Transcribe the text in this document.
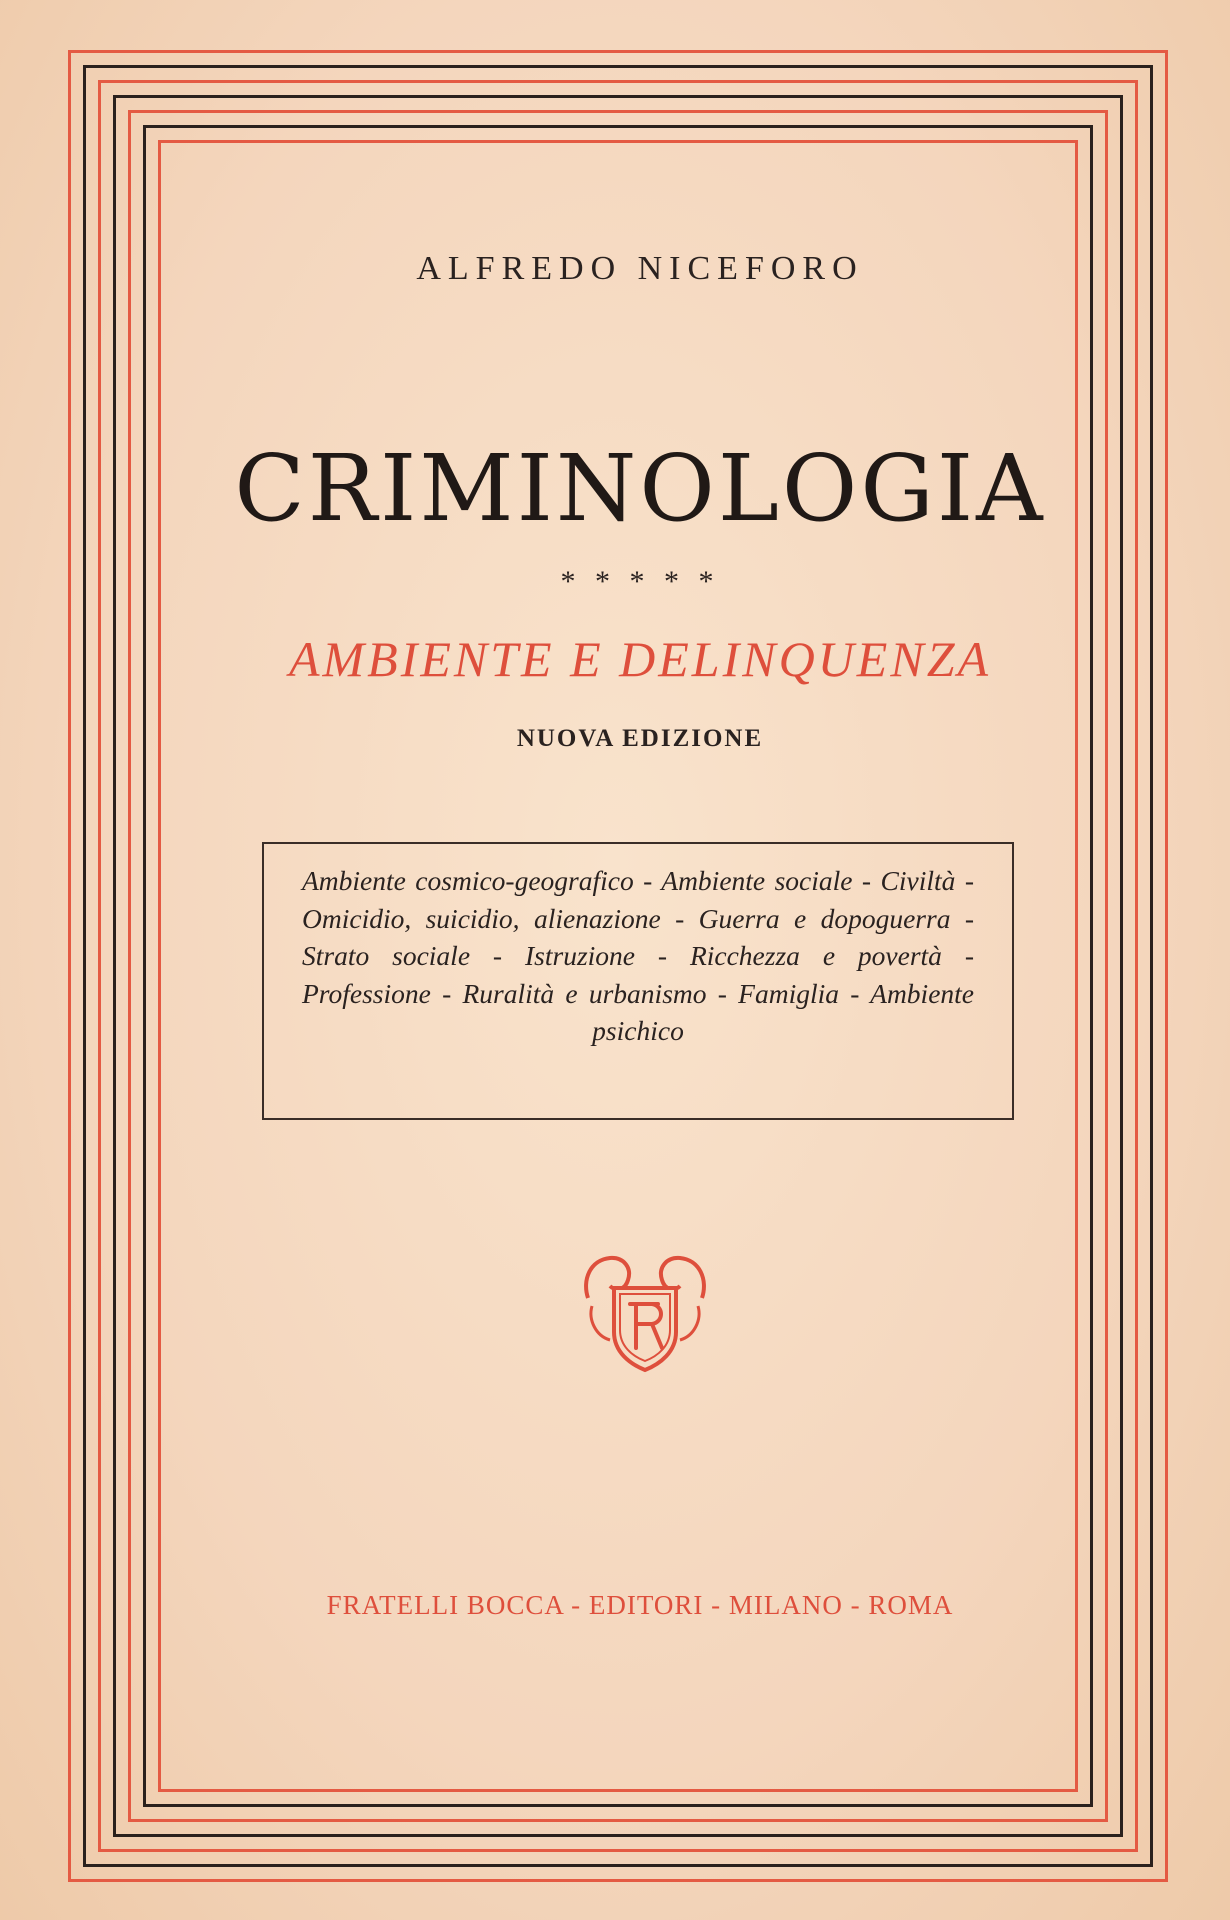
ALFREDO NICEFORO
CRIMINOLOGIA
* * * * *
AMBIENTE E DELINQUENZA
NUOVA EDIZIONE
Ambiente cosmico-geografico - Ambiente sociale - Civiltà - Omicidio, suicidio, alienazione - Guerra e dopoguerra - Strato sociale - Istruzione - Ricchezza e povertà - Professione - Ruralità e urbanismo - Famiglia - Ambiente psichico
FRATELLI BOCCA - EDITORI - MILANO - ROMA
